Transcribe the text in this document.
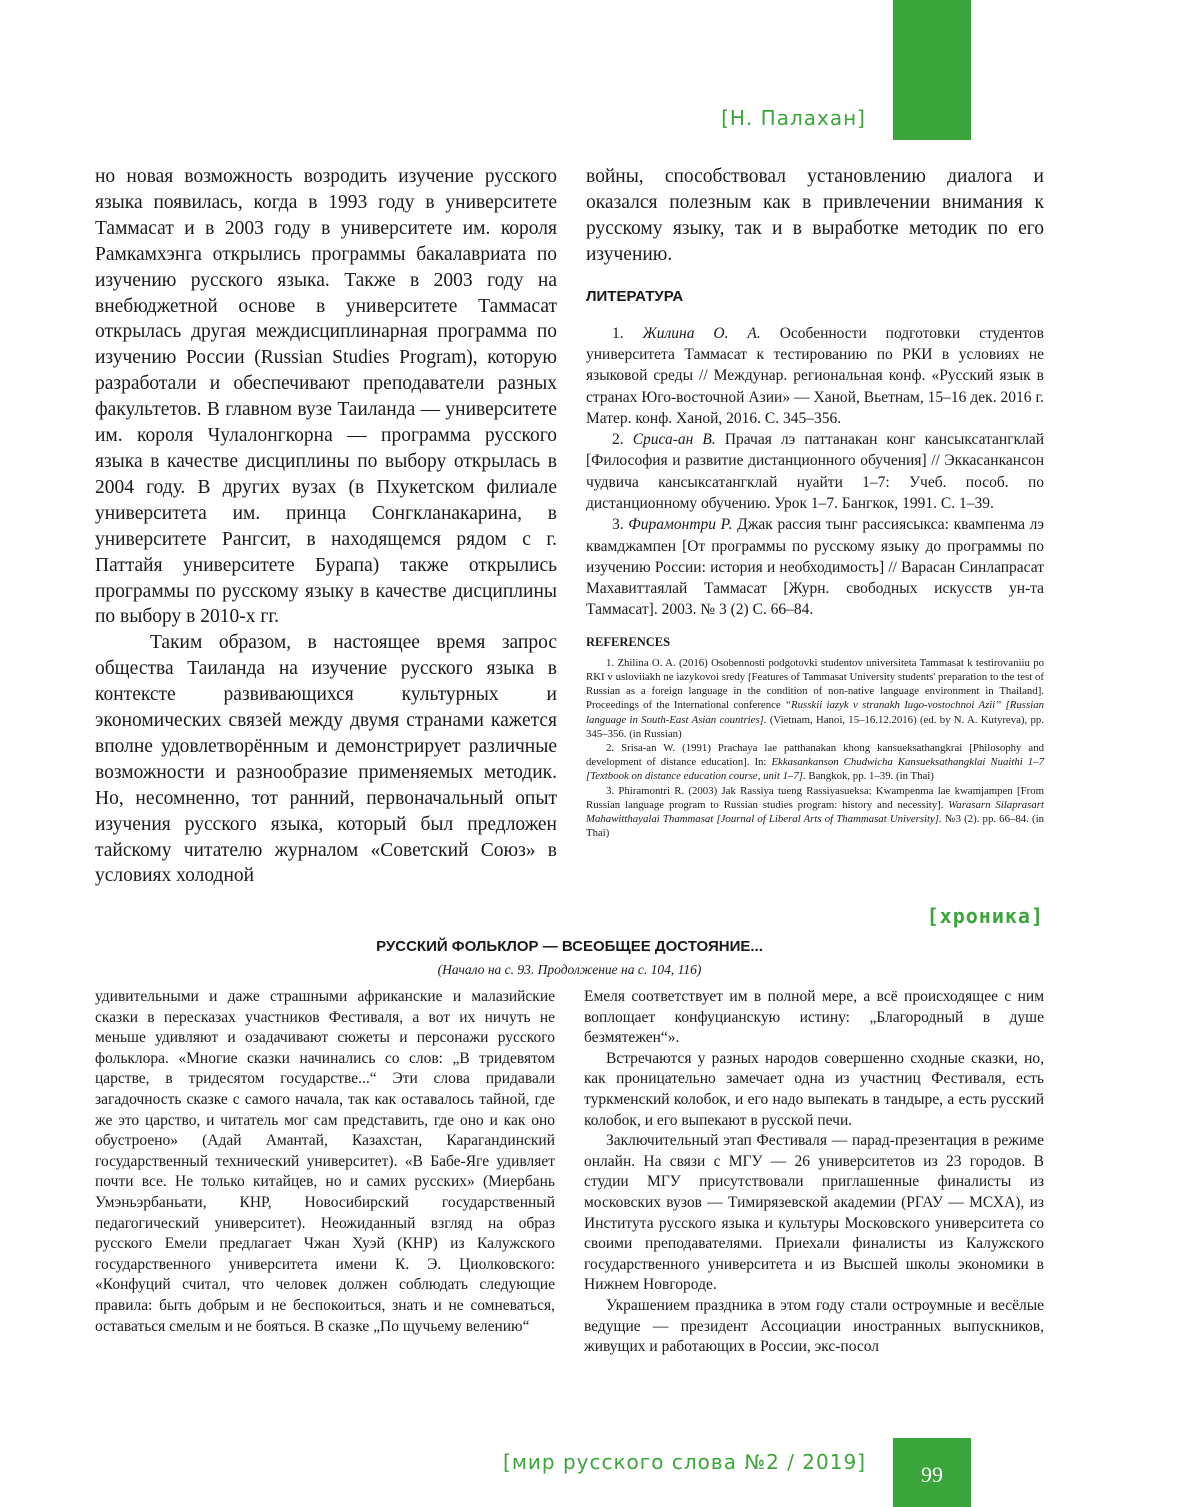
[Н. Палахан]

но новая возможность возродить изучение русского языка появилась, когда в 1993 году в университете Таммасат и в 2003 году в университете им. короля Рамкамхэнга открылись программы бакалавриата по изучению русского языка. Также в 2003 году на внебюджетной основе в университете Таммасат открылась другая междисциплинарная программа по изучению России (Russian Studies Program), которую разработали и обеспечивают преподаватели разных факультетов. В главном вузе Таиланда — университете им. короля Чулалонгкорна — программа русского языка в качестве дисциплины по выбору открылась в 2004 году. В других вузах (в Пхукетском филиале университета им. принца Сонгкланакарина, в университете Рангсит, в находящемся рядом с г. Паттайя университете Бурапа) также открылись программы по русскому языку в качестве дисциплины по выбору в 2010-х гг.

Таким образом, в настоящее время запрос общества Таиланда на изучение русского языка в контексте развивающихся культурных и экономических связей между двумя странами кажется вполне удовлетворённым и демонстрирует различные возможности и разнообразие применяемых методик. Но, несомненно, тот ранний, первоначальный опыт изучения русского языка, который был предложен тайскому читателю журналом «Советский Союз» в условиях холодной

войны, способствовал установлению диалога и оказался полезным как в привлечении внимания к русскому языку, так и в выработке методик по его изучению.

ЛИТЕРАТУРА

1. Жилина О. А. Особенности подготовки студентов университета Таммасат к тестированию по РКИ в условиях не языковой среды // Междунар. региональная конф. «Русский язык в странах Юго-восточной Азии» — Ханой, Вьетнам, 15–16 дек. 2016 г. Матер. конф. Ханой, 2016. С. 345–356.

2. Сриса-ан В. Прачая лэ паттанакан конг кансыксатангклай [Философия и развитие дистанционного обучения] // Эккасанкансон чудвича кансыксатангклай нуайти 1–7: Учеб. пособ. по дистанционному обучению. Урок 1–7. Бангкок, 1991. С. 1–39.

3. Фирамонтри Р. Джак рассия тынг рассиясыкса: квампенма лэ квамджампен [От программы по русскому языку до программы по изучению России: история и необходимость] // Варасан Синлапрасат Махавиттаялай Таммасат [Журн. свободных искусств ун-та Таммасат]. 2003. № 3 (2) С. 66–84.

REFERENCES

1. Zhilina O. A. (2016) Osobennosti podgotovki studentov universiteta Tammasat k testirovaniiu po RKI v usloviiakh ne iazykovoi sredy [Features of Tammasat University students' preparation to the test of Russian as a foreign language in the condition of non-native language environment in Thailand]. Proceedings of the International conference “Russkii iazyk v stranakh Iugo-vostochnoi Azii” [Russian language in South-East Asian countries]. (Vietnam, Hanoi, 15–16.12.2016) (ed. by N. A. Kutyreva), pp. 345–356. (in Russian)

2. Srisa-an W. (1991) Prachaya lae patthanakan khong kansueksathangkrai [Philosophy and development of distance education]. In: Ekkasankanson Chudwicha Kansueksathangklai Nuaithi 1–7 [Textbook on distance education course, unit 1–7]. Bangkok, pp. 1–39. (in Thai)

3. Phiramontri R. (2003) Jak Rassiya tueng Rassiyasueksa: Kwampenma lae kwamjampen [From Russian language program to Russian studies program: history and necessity]. Warasarn Silaprasart Mahawitthayalai Thammasat [Journal of Liberal Arts of Thammasat University]. №3 (2). pp. 66–84. (in Thai)

[хроника]
РУССКИЙ ФОЛЬКЛОР — ВСЕОБЩЕЕ ДОСТОЯНИЕ...
(Начало на с. 93. Продолжение на с. 104, 116)

удивительными и даже страшными африканские и малазийские сказки в пересказах участников Фестиваля, а вот их ничуть не меньше удивляют и озадачивают сюжеты и персонажи русского фольклора. «Многие сказки начинались со слов: „В тридевятом царстве, в тридесятом государстве...“ Эти слова придавали загадочность сказке с самого начала, так как оставалось тайной, где же это царство, и читатель мог сам представить, где оно и как оно обустроено» (Адай Амантай, Казахстан, Карагандинский государственный технический университет). «В Бабе-Яге удивляет почти все. Не только китайцев, но и самих русских» (Миербань Умэньэрбаньати, КНР, Новосибирский государственный педагогический университет). Неожиданный взгляд на образ русского Емели предлагает Чжан Хуэй (КНР) из Калужского государственного университета имени К. Э. Циолковского: «Конфуций считал, что человек должен соблюдать следующие правила: быть добрым и не беспокоиться, знать и не сомневаться, оставаться смелым и не бояться. В сказке „По щучьему велению“

Емеля соответствует им в полной мере, а всё происходящее с ним воплощает конфуцианскую истину: „Благородный в душе безмятежен“».

Встречаются у разных народов совершенно сходные сказки, но, как проницательно замечает одна из участниц Фестиваля, есть туркменский колобок, и его надо выпекать в тандыре, а есть русский колобок, и его выпекают в русской печи.

Заключительный этап Фестиваля — парад-презентация в режиме онлайн. На связи с МГУ — 26 университетов из 23 городов. В студии МГУ присутствовали приглашенные финалисты из московских вузов — Тимирязевской академии (РГАУ — МСХА), из Института русского языка и культуры Московского университета со своими преподавателями. Приехали финалисты из Калужского государственного университета и из Высшей школы экономики в Нижнем Новгороде.

Украшением праздника в этом году стали остроумные и весёлые ведущие — президент Ассоциации иностранных выпускников, живущих и работающих в России, экс-посол

[мир русского слова №2 / 2019]	99
